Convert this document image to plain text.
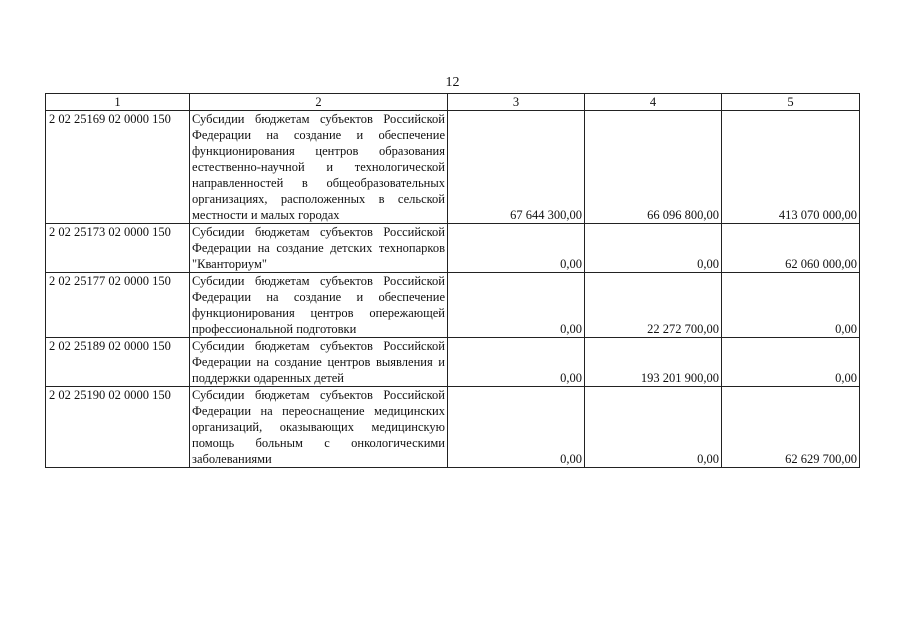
12
1	2	3	4	5
2 02 25169 02 0000 150	Субсидии бюджетам субъектов Российской Федерации на создание и обеспечение функционирования центров образования естественно-научной и технологической направленностей в общеобразовательных организациях, расположенных в сельской местности и малых городах	67 644 300,00	66 096 800,00	413 070 000,00
2 02 25173 02 0000 150	Субсидии бюджетам субъектов Российской Федерации на создание детских технопарков "Кванториум"	0,00	0,00	62 060 000,00
2 02 25177 02 0000 150	Субсидии бюджетам субъектов Российской Федерации на создание и обеспечение функционирования центров опережающей профессиональной подготовки	0,00	22 272 700,00	0,00
2 02 25189 02 0000 150	Субсидии бюджетам субъектов Российской Федерации на создание центров выявления и поддержки одаренных детей	0,00	193 201 900,00	0,00
2 02 25190 02 0000 150	Субсидии бюджетам субъектов Российской Федерации на переоснащение медицинских организаций, оказывающих медицинскую помощь больным с онкологическими заболеваниями	0,00	0,00	62 629 700,00
